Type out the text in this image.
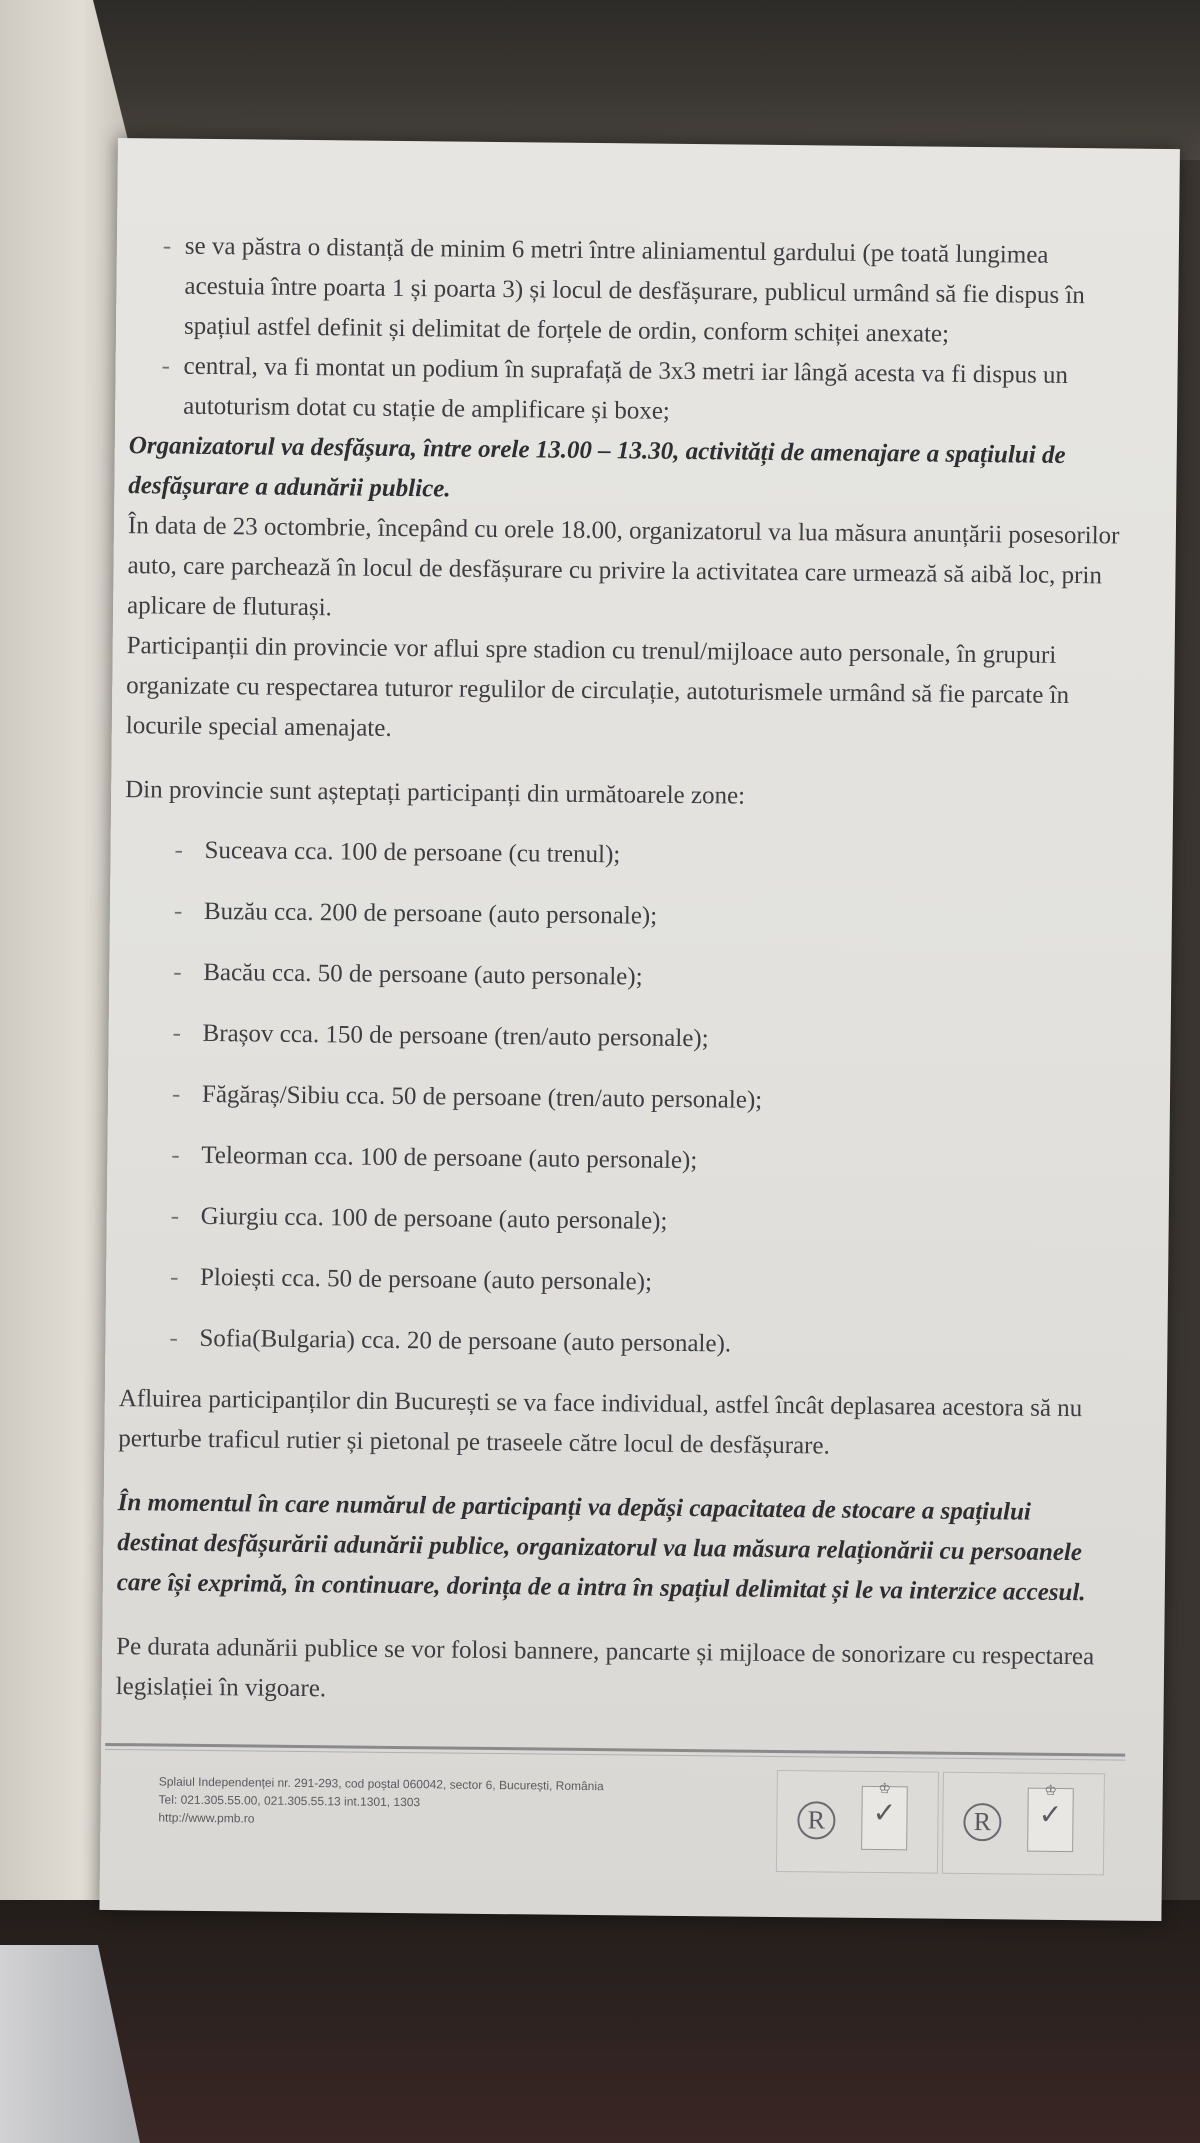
- se va păstra o distanță de minim 6 metri între aliniamentul gardului (pe toată lungimea acestuia între poarta 1 și poarta 3) și locul de desfășurare, publicul urmând să fie dispus în spațiul astfel definit și delimitat de forțele de ordin, conform schiței anexate;
- central, va fi montat un podium în suprafață de 3x3 metri iar lângă acesta va fi dispus un autoturism dotat cu stație de amplificare și boxe;

Organizatorul va desfășura, între orele 13.00 – 13.30, activități de amenajare a spațiului de desfășurare a adunării publice.

În data de 23 octombrie, începând cu orele 18.00, organizatorul va lua măsura anunțării posesorilor auto, care parchează în locul de desfășurare cu privire la activitatea care urmează să aibă loc, prin aplicare de fluturași.

Participanții din provincie vor aflui spre stadion cu trenul/mijloace auto personale, în grupuri organizate cu respectarea tuturor regulilor de circulație, autoturismele urmând să fie parcate în locurile special amenajate.

Din provincie sunt așteptați participanți din următoarele zone:

- Suceava cca. 100 de persoane (cu trenul);
- Buzău cca. 200 de persoane (auto personale);
- Bacău cca. 50 de persoane (auto personale);
- Brașov cca. 150 de persoane (tren/auto personale);
- Făgăraș/Sibiu cca. 50 de persoane (tren/auto personale);
- Teleorman cca. 100 de persoane (auto personale);
- Giurgiu cca. 100 de persoane (auto personale);
- Ploiești cca. 50 de persoane (auto personale);
- Sofia(Bulgaria) cca. 20 de persoane (auto personale).

Afluirea participanților din București se va face individual, astfel încât deplasarea acestora să nu perturbe traficul rutier și pietonal pe traseele către locul de desfășurare.

În momentul în care numărul de participanți va depăși capacitatea de stocare a spațiului destinat desfășurării adunării publice, organizatorul va lua măsura relaționării cu persoanele care își exprimă, în continuare, dorința de a intra în spațiul delimitat și le va interzice accesul.

Pe durata adunării publice se vor folosi bannere, pancarte și mijloace de sonorizare cu respectarea legislației în vigoare.

Splaiul Independenței nr. 291-293, cod poștal 060042, sector 6, București, România
Tel: 021.305.55.00, 021.305.55.13 int.1301, 1303
http://www.pmb.ro	R
♔
✓	R
♔
✓
